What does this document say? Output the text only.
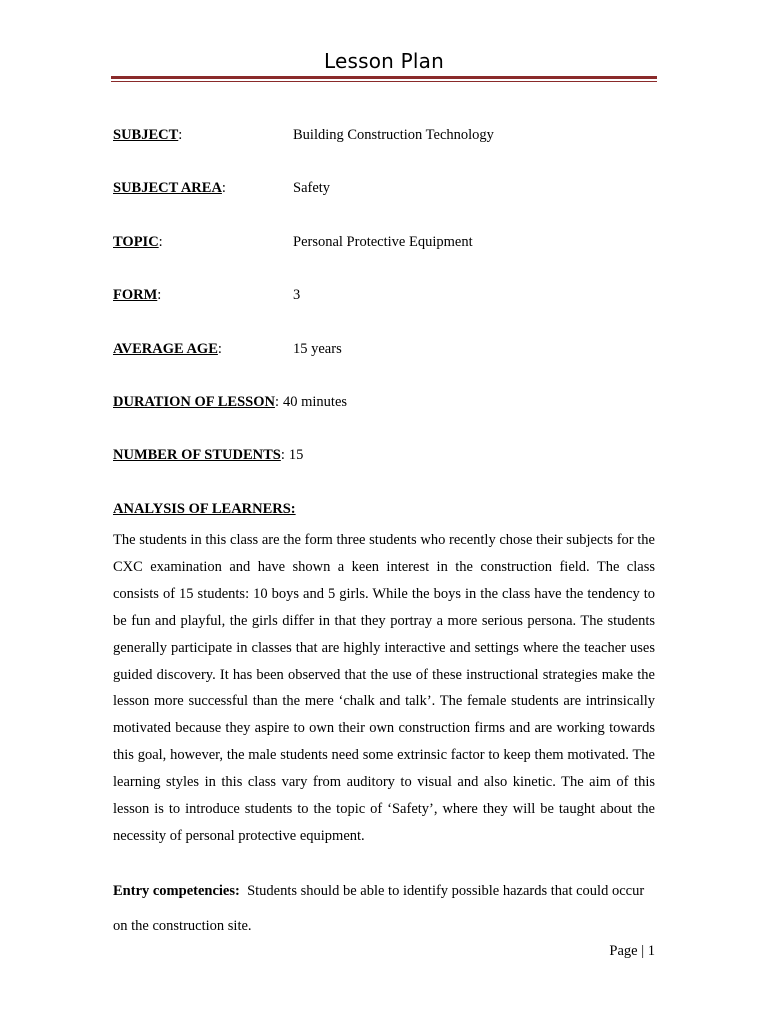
Lesson Plan
SUBJECT:	Building Construction Technology
SUBJECT AREA:	Safety
TOPIC:	Personal Protective Equipment
FORM:	3
AVERAGE AGE:	15 years
DURATION OF LESSON: 40 minutes
NUMBER OF STUDENTS: 15
ANALYSIS OF LEARNERS:
The students in this class are the form three students who recently chose their subjects for the CXC examination and have shown a keen interest in the construction field. The class consists of 15 students: 10 boys and 5 girls. While the boys in the class have the tendency to be fun and playful, the girls differ in that they portray a more serious persona. The students generally participate in classes that are highly interactive and settings where the teacher uses guided discovery. It has been observed that the use of these instructional strategies make the lesson more successful than the mere ‘chalk and talk’. The female students are intrinsically motivated because they aspire to own their own construction firms and are working towards this goal, however, the male students need some extrinsic factor to keep them motivated. The learning styles in this class vary from auditory to visual and also kinetic. The aim of this lesson is to introduce students to the topic of ‘Safety’, where they will be taught about the necessity of personal protective equipment.
Entry competencies: Students should be able to identify possible hazards that could occur on the construction site.
Page | 1
